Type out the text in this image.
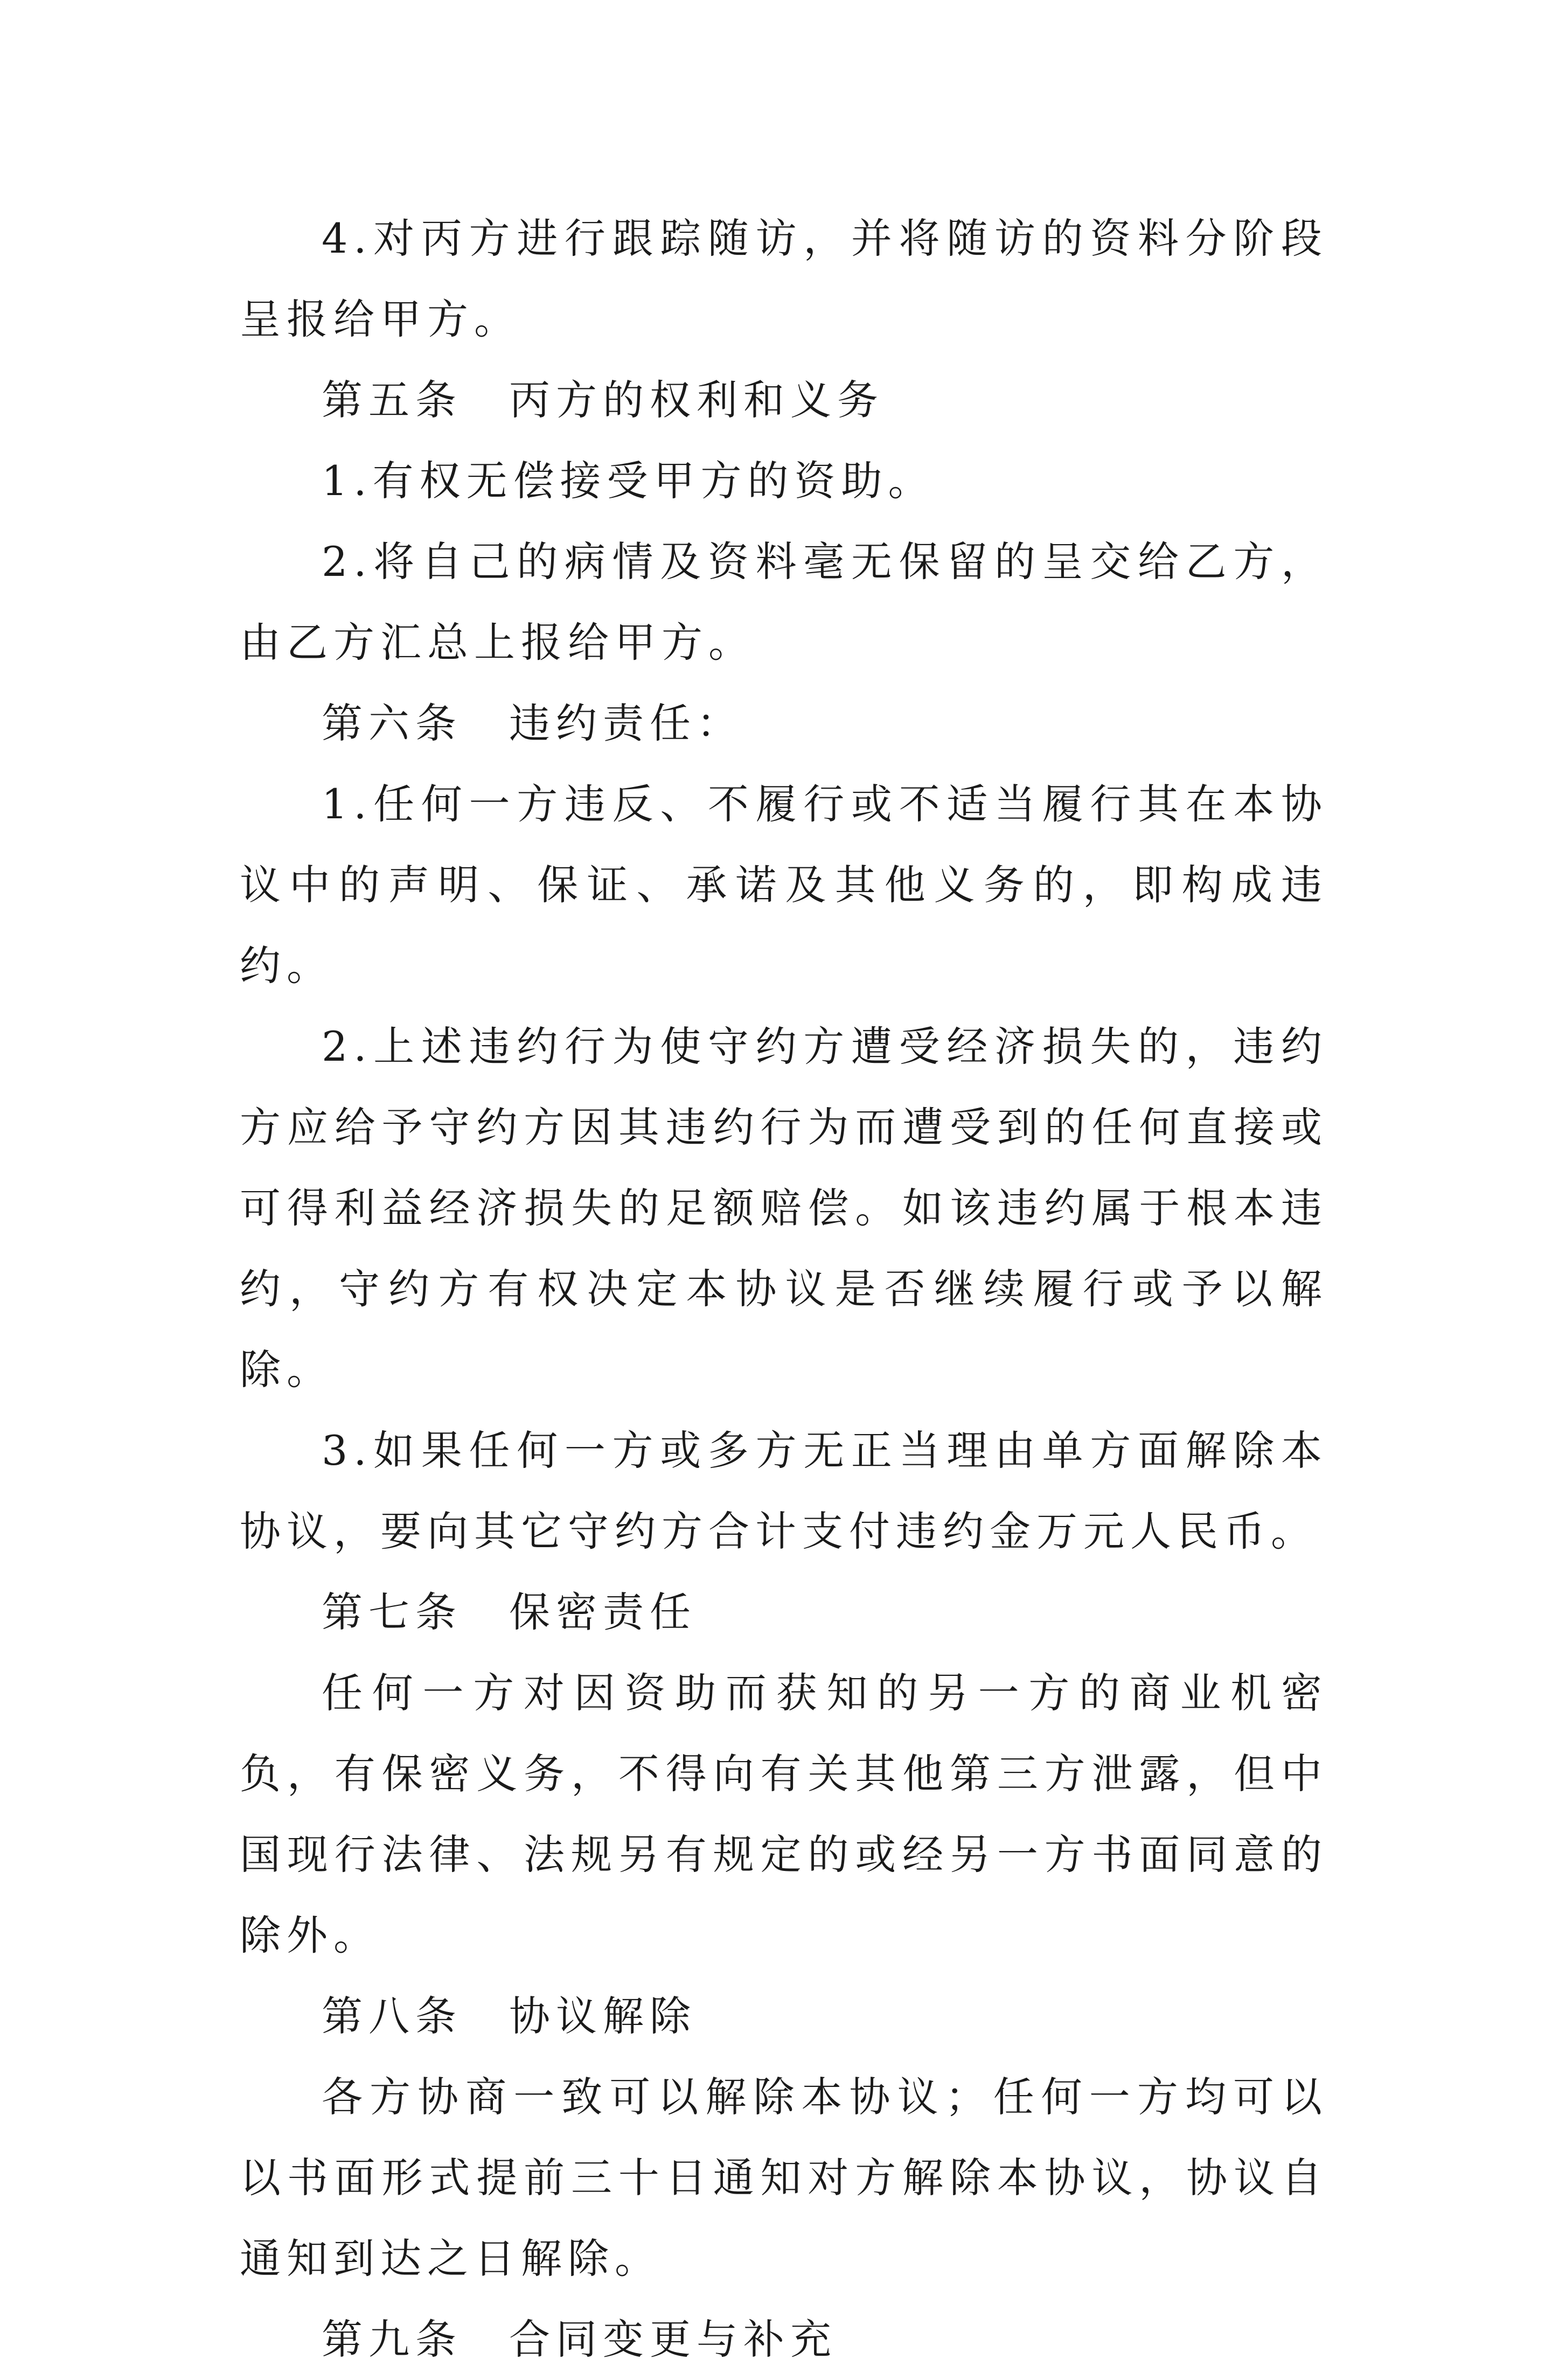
4.对丙方进行跟踪随访，并将随访的资料分阶段呈报给甲方。

第五条　丙方的权利和义务

1.有权无偿接受甲方的资助。

2.将自己的病情及资料毫无保留的呈交给乙方，由乙方汇总上报给甲方。

第六条　违约责任：

1.任何一方违反、不履行或不适当履行其在本协议中的声明、保证、承诺及其他义务的，即构成违约。

2.上述违约行为使守约方遭受经济损失的，违约方应给予守约方因其违约行为而遭受到的任何直接或可得利益经济损失的足额赔偿。如该违约属于根本违约，守约方有权决定本协议是否继续履行或予以解除。

3.如果任何一方或多方无正当理由单方面解除本协议，要向其它守约方合计支付违约金万元人民币。

第七条　保密责任

任何一方对因资助而获知的另一方的商业机密负，有保密义务，不得向有关其他第三方泄露，但中国现行法律、法规另有规定的或经另一方书面同意的除外。

第八条　协议解除

各方协商一致可以解除本协议；任何一方均可以以书面形式提前三十日通知对方解除本协议，协议自通知到达之日解除。

第九条　合同变更与补充
